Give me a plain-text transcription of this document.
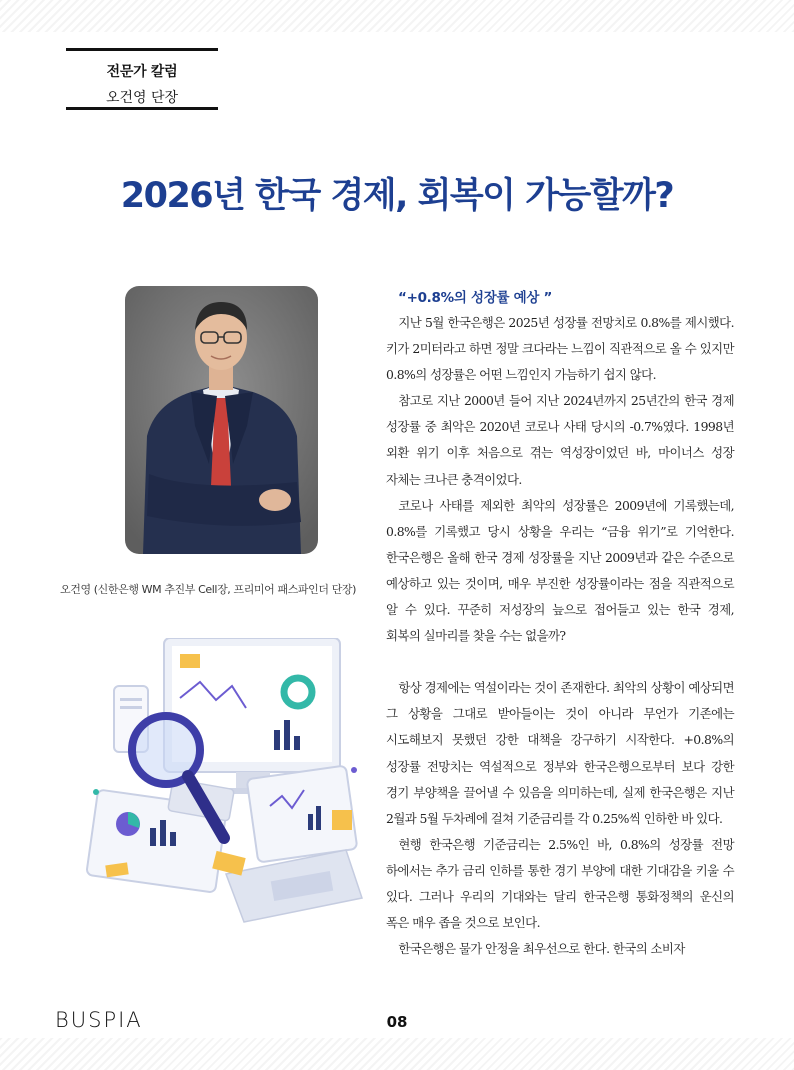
전문가 칼럼
오건영 단장
2026년 한국 경제, 회복이 가능할까?
오건영 (신한은행 WM 추진부 Cell장, 프리미어 패스파인더 단장)
“+0.8%의 성장률 예상 ”

지난 5월 한국은행은 2025년 성장률 전망치로 0.8%를 제시했다. 키가 2미터라고 하면 정말 크다라는 느낌이 직관적으로 올 수 있지만 0.8%의 성장률은 어떤 느낌인지 가늠하기 쉽지 않다.

참고로 지난 2000년 들어 지난 2024년까지 25년간의 한국 경제 성장률 중 최악은 2020년 코로나 사태 당시의 -0.7%였다. 1998년 외환 위기 이후 처음으로 겪는 역성장이었던 바, 마이너스 성장 자체는 크나큰 충격이었다.

코로나 사태를 제외한 최악의 성장률은 2009년에 기록했는데, 0.8%를 기록했고 당시 상황을 우리는 “금융 위기”로 기억한다. 한국은행은 올해 한국 경제 성장률을 지난 2009년과 같은 수준으로 예상하고 있는 것이며, 매우 부진한 성장률이라는 점을 직관적으로 알 수 있다. 꾸준히 저성장의 늪으로 접어들고 있는 한국 경제, 회복의 실마리를 찾을 수는 없을까?

항상 경제에는 역설이라는 것이 존재한다. 최악의 상황이 예상되면 그 상황을 그대로 받아들이는 것이 아니라 무언가 기존에는 시도해보지 못했던 강한 대책을 강구하기 시작한다. +0.8%의 성장률 전망치는 역설적으로 정부와 한국은행으로부터 보다 강한 경기 부양책을 끌어낼 수 있음을 의미하는데, 실제 한국은행은 지난 2월과 5월 두차례에 걸쳐 기준금리를 각 0.25%씩 인하한 바 있다.

현행 한국은행 기준금리는 2.5%인 바, 0.8%의 성장률 전망 하에서는 추가 금리 인하를 통한 경기 부양에 대한 기대감을 키울 수 있다. 그러나 우리의 기대와는 달리 한국은행 통화정책의 운신의 폭은 매우 좁을 것으로 보인다.

한국은행은 물가 안정을 최우선으로 한다. 한국의 소비자

BUSPIA	08
